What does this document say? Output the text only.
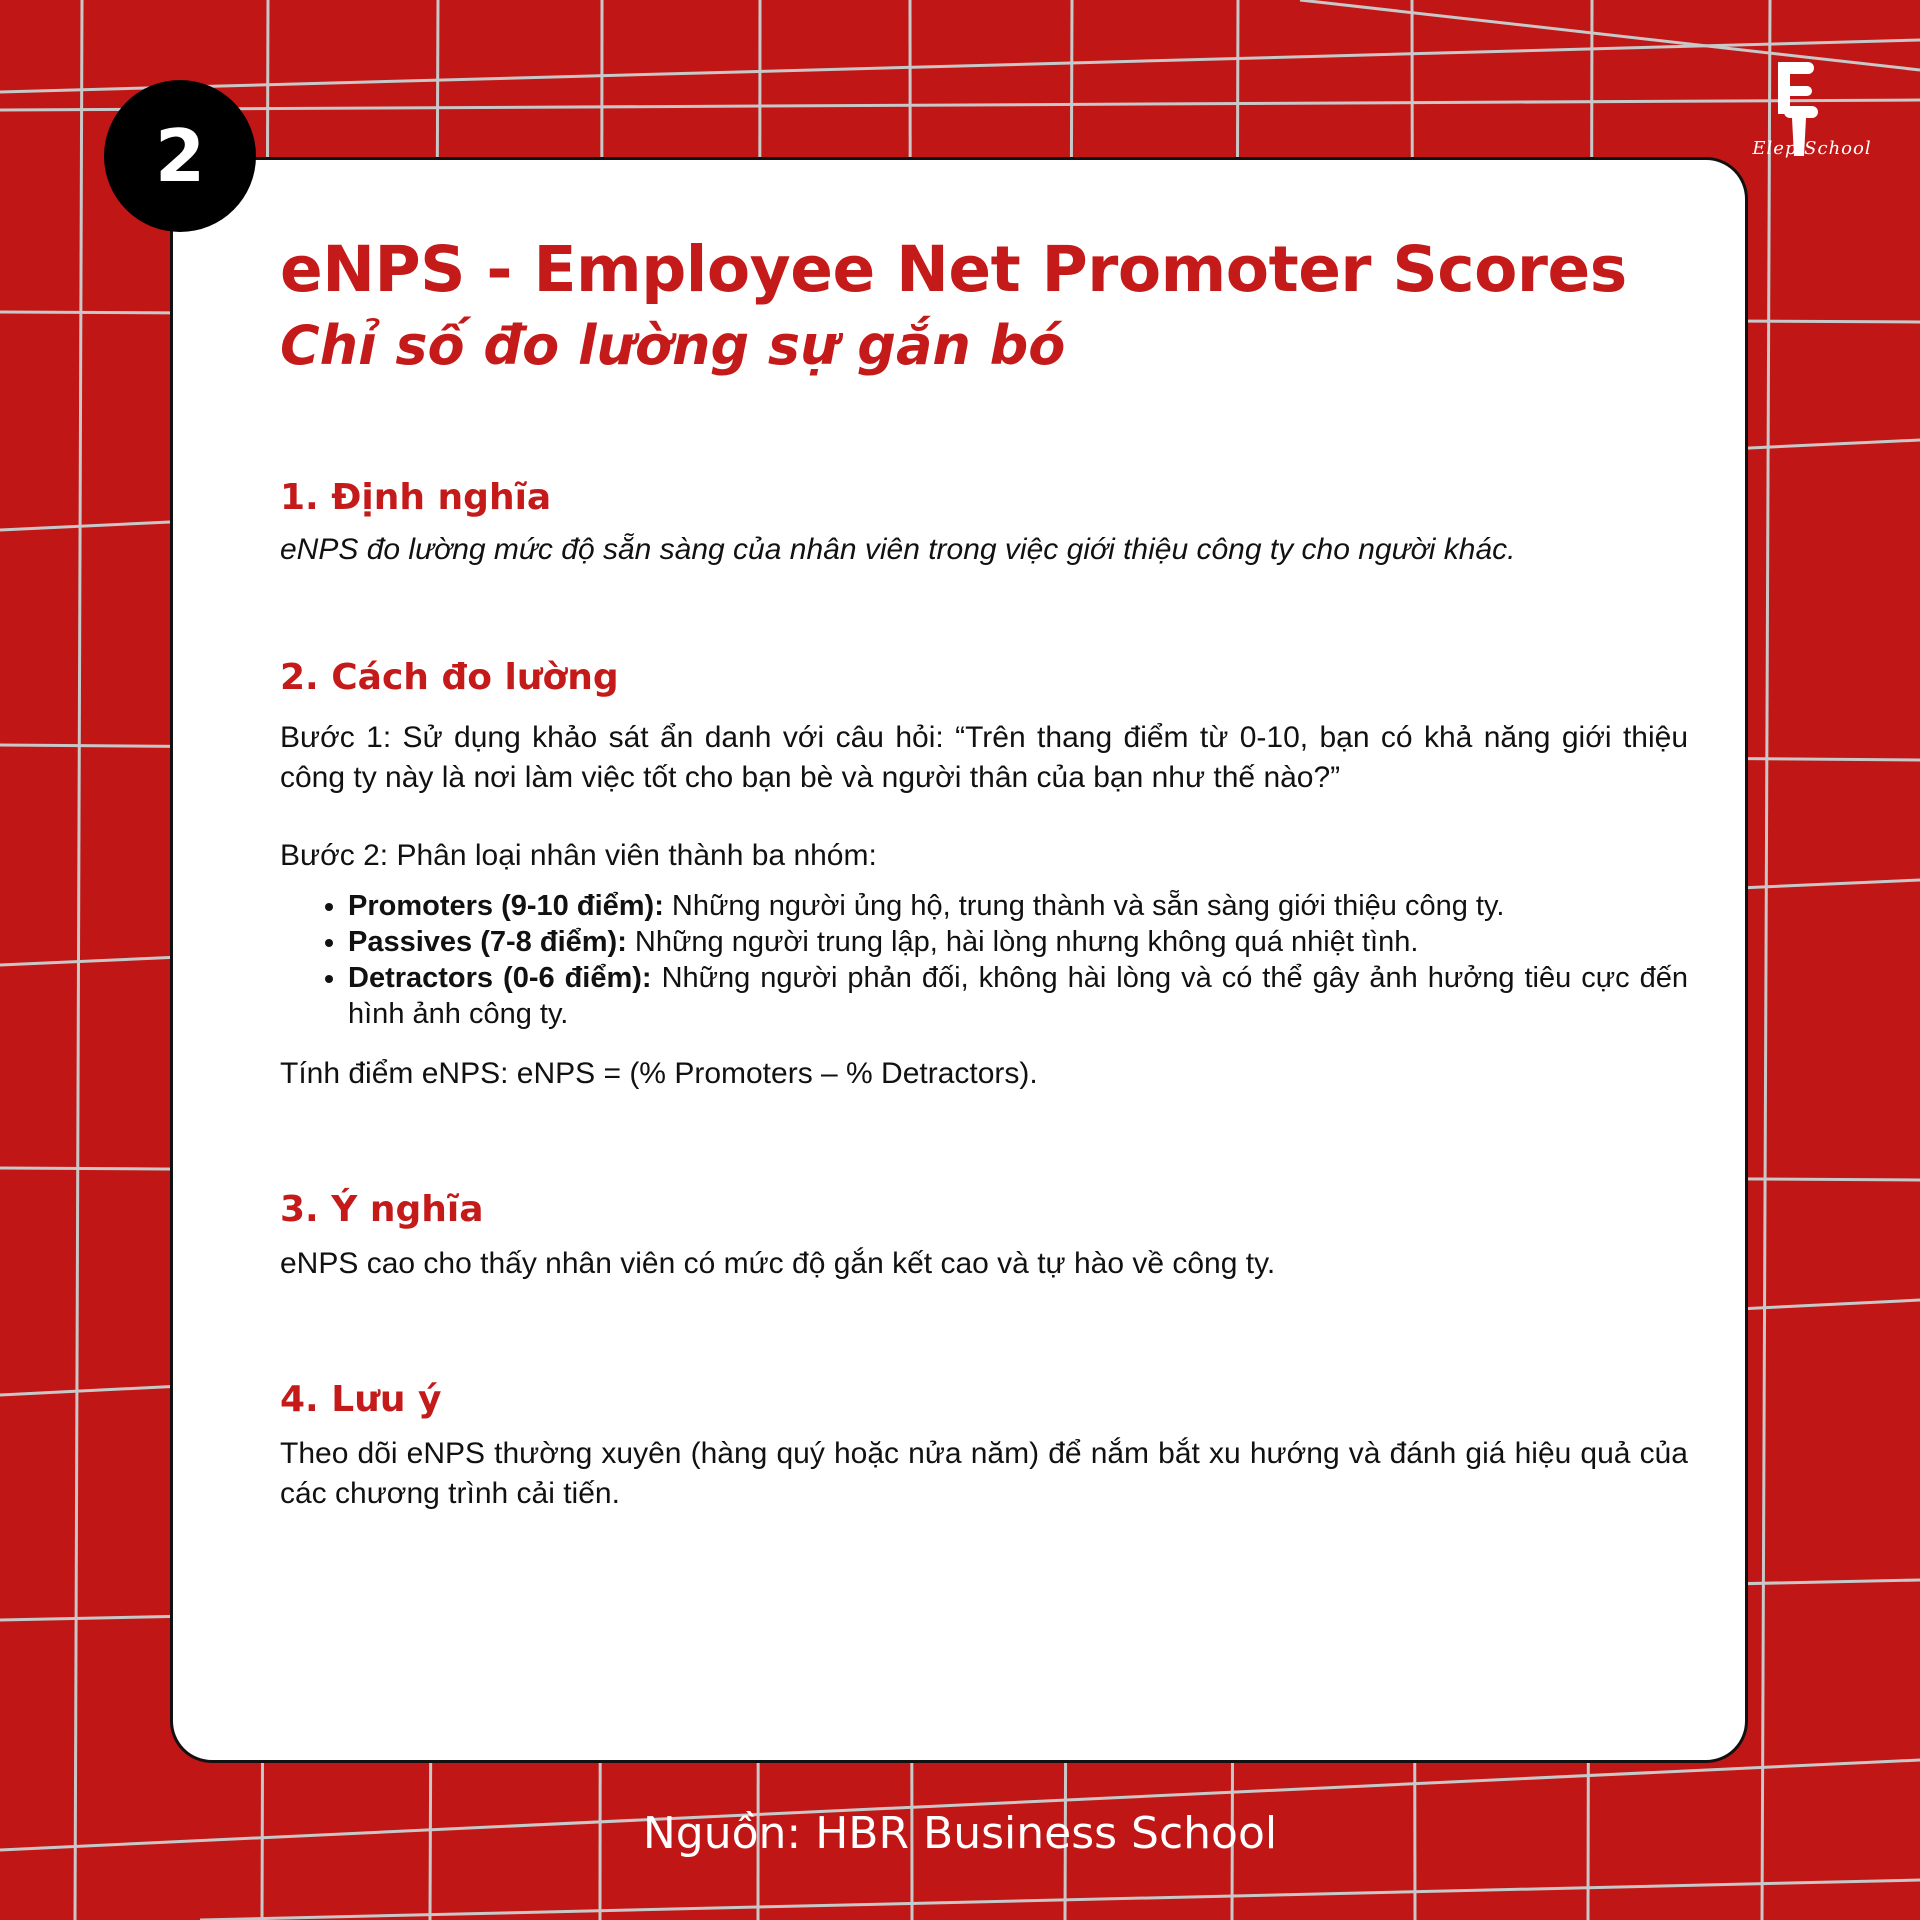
2	Elep School
eNPS - Employee Net Promoter Scores
Chỉ số đo lường sự gắn bó
1. Định nghĩa

eNPS đo lường mức độ sẵn sàng của nhân viên trong việc giới thiệu công ty cho người khác.

2. Cách đo lường

Bước 1: Sử dụng khảo sát ẩn danh với câu hỏi: “Trên thang điểm từ 0-10, bạn có khả năng giới thiệu công ty này là nơi làm việc tốt cho bạn bè và người thân của bạn như thế nào?”

Bước 2: Phân loại nhân viên thành ba nhóm:

• Promoters (9-10 điểm): Những người ủng hộ, trung thành và sẵn sàng giới thiệu công ty.
• Passives (7-8 điểm): Những người trung lập, hài lòng nhưng không quá nhiệt tình.
• Detractors (0-6 điểm): Những người phản đối, không hài lòng và có thể gây ảnh hưởng tiêu cực đến hình ảnh công ty.

Tính điểm eNPS: eNPS = (% Promoters – % Detractors).

3. Ý nghĩa

eNPS cao cho thấy nhân viên có mức độ gắn kết cao và tự hào về công ty.

4. Lưu ý

Theo dõi eNPS thường xuyên (hàng quý hoặc nửa năm) để nắm bắt xu hướng và đánh giá hiệu quả của các chương trình cải tiến.

Nguồn: HBR Business School
